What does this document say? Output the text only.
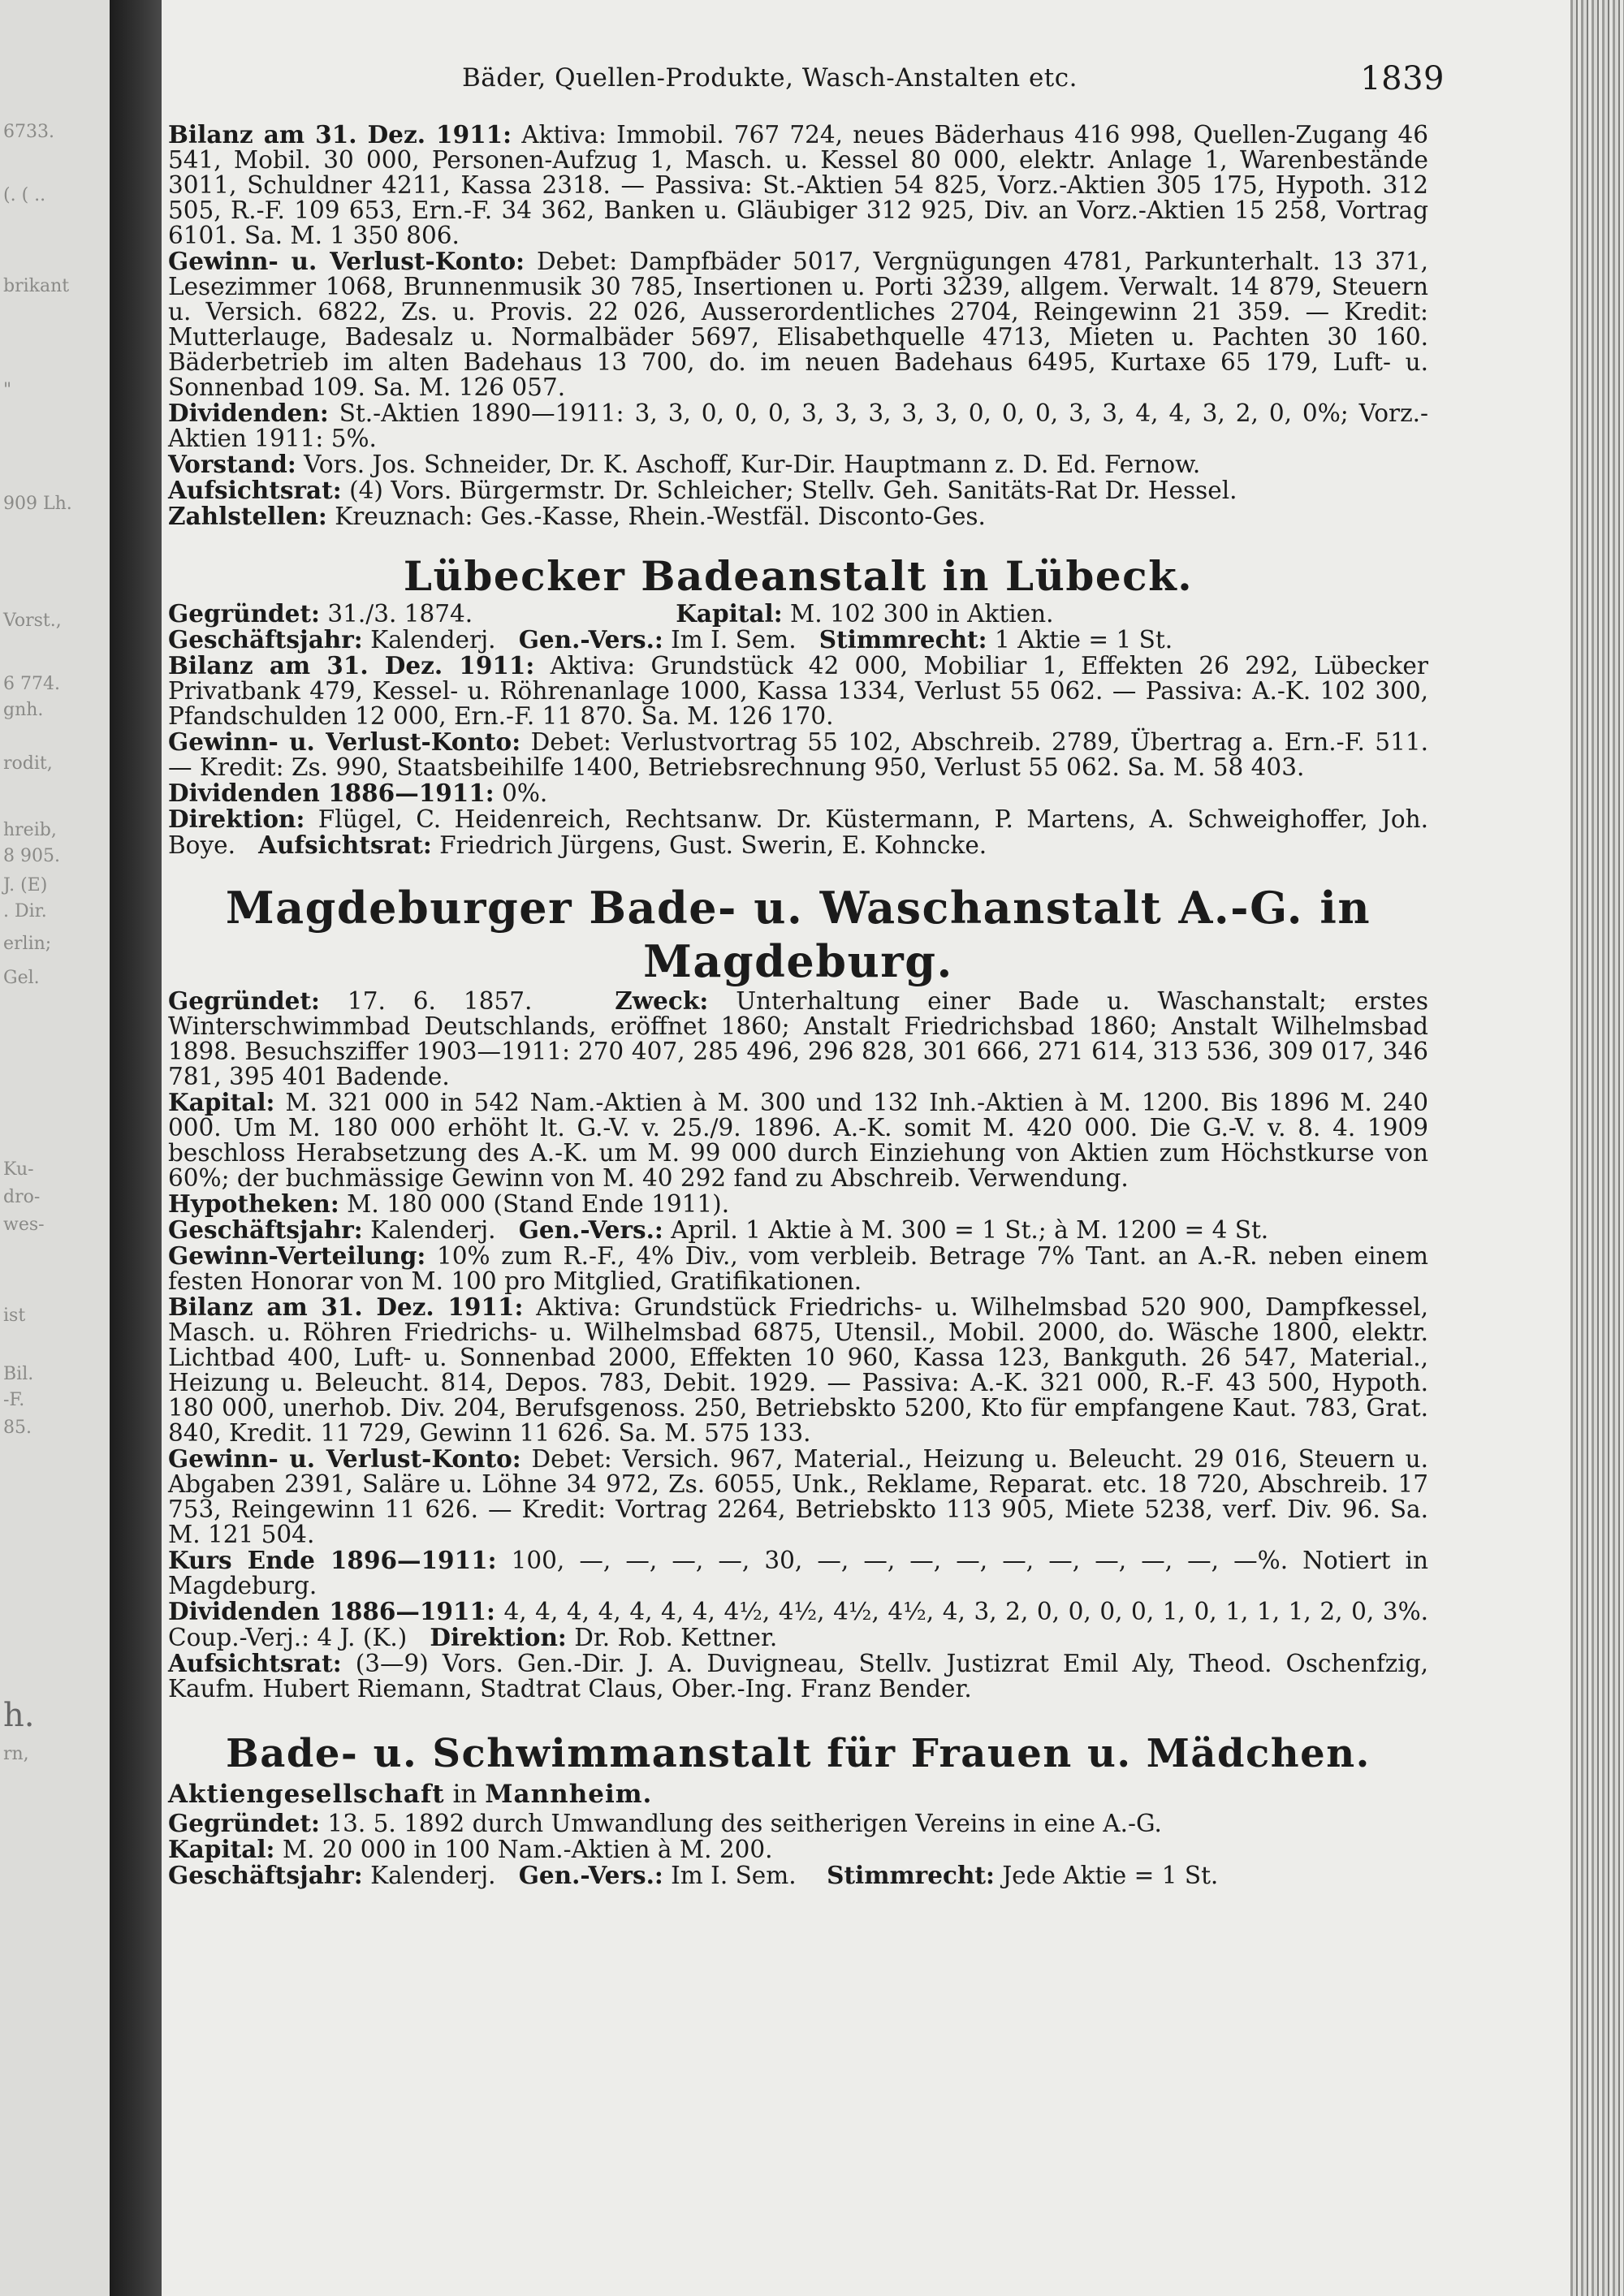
6733.
(. ( ..
brikant
"
909 Lh.
Vorst.,
6 774.
gnh.
rodit,
hreib,
8 905.
J. (E)
. Dir.
erlin;
Gel.
Ku-
dro-
wes-
ist
Bil.
-F.
85.
h.
rn,
Bäder, Quellen-Produkte, Wasch-Anstalten etc.	1839

Bilanz am 31. Dez. 1911: Aktiva: Immobil. 767 724, neues Bäderhaus 416 998, Quellen-Zugang 46 541, Mobil. 30 000, Personen-Aufzug 1, Masch. u. Kessel 80 000, elektr. Anlage 1, Warenbestände 3011, Schuldner 4211, Kassa 2318. — Passiva: St.-Aktien 54 825, Vorz.-Aktien 305 175, Hypoth. 312 505, R.-F. 109 653, Ern.-F. 34 362, Banken u. Gläubiger 312 925, Div. an Vorz.-Aktien 15 258, Vortrag 6101. Sa. M. 1 350 806.

Gewinn- u. Verlust-Konto: Debet: Dampfbäder 5017, Vergnügungen 4781, Parkunterhalt. 13 371, Lesezimmer 1068, Brunnenmusik 30 785, Insertionen u. Porti 3239, allgem. Verwalt. 14 879, Steuern u. Versich. 6822, Zs. u. Provis. 22 026, Ausserordentliches 2704, Reingewinn 21 359. — Kredit: Mutterlauge, Badesalz u. Normalbäder 5697, Elisabethquelle 4713, Mieten u. Pachten 30 160. Bäderbetrieb im alten Badehaus 13 700, do. im neuen Badehaus 6495, Kurtaxe 65 179, Luft- u. Sonnenbad 109. Sa. M. 126 057.

Dividenden: St.-Aktien 1890—1911: 3, 3, 0, 0, 0, 3, 3, 3, 3, 3, 0, 0, 0, 3, 3, 4, 4, 3, 2, 0, 0%; Vorz.-Aktien 1911: 5%.

Vorstand: Vors. Jos. Schneider, Dr. K. Aschoff, Kur-Dir. Hauptmann z. D. Ed. Fernow.

Aufsichtsrat: (4) Vors. Bürgermstr. Dr. Schleicher; Stellv. Geh. Sanitäts-Rat Dr. Hessel.

Zahlstellen: Kreuznach: Ges.-Kasse, Rhein.-Westfäl. Disconto-Ges.

Lübecker Badeanstalt in Lübeck.

Gegründet: 31./3. 1874.	Kapital: M. 102 300 in Aktien.

Geschäftsjahr: Kalenderj. Gen.-Vers.: Im I. Sem. Stimmrecht: 1 Aktie = 1 St.

Bilanz am 31. Dez. 1911: Aktiva: Grundstück 42 000, Mobiliar 1, Effekten 26 292, Lübecker Privatbank 479, Kessel- u. Röhrenanlage 1000, Kassa 1334, Verlust 55 062. — Passiva: A.-K. 102 300, Pfandschulden 12 000, Ern.-F. 11 870. Sa. M. 126 170.

Gewinn- u. Verlust-Konto: Debet: Verlustvortrag 55 102, Abschreib. 2789, Übertrag a. Ern.-F. 511. — Kredit: Zs. 990, Staatsbeihilfe 1400, Betriebsrechnung 950, Verlust 55 062. Sa. M. 58 403.

Dividenden 1886—1911: 0%.

Direktion: Flügel, C. Heidenreich, Rechtsanw. Dr. Küstermann, P. Martens, A. Schweighoffer, Joh. Boye. Aufsichtsrat: Friedrich Jürgens, Gust. Swerin, E. Kohncke.

Magdeburger Bade- u. Waschanstalt A.-G. in Magdeburg.

Gegründet: 17. 6. 1857.	Zweck: Unterhaltung einer Bade u. Waschanstalt; erstes Winterschwimmbad Deutschlands, eröffnet 1860; Anstalt Friedrichsbad 1860; Anstalt Wilhelmsbad 1898. Besuchsziffer 1903—1911: 270 407, 285 496, 296 828, 301 666, 271 614, 313 536, 309 017, 346 781, 395 401 Badende.

Kapital: M. 321 000 in 542 Nam.-Aktien à M. 300 und 132 Inh.-Aktien à M. 1200. Bis 1896 M. 240 000. Um M. 180 000 erhöht lt. G.-V. v. 25./9. 1896. A.-K. somit M. 420 000. Die G.-V. v. 8. 4. 1909 beschloss Herabsetzung des A.-K. um M. 99 000 durch Einziehung von Aktien zum Höchstkurse von 60%; der buchmässige Gewinn von M. 40 292 fand zu Abschreib. Verwendung.

Hypotheken: M. 180 000 (Stand Ende 1911).

Geschäftsjahr: Kalenderj. Gen.-Vers.: April. 1 Aktie à M. 300 = 1 St.; à M. 1200 = 4 St.

Gewinn-Verteilung: 10% zum R.-F., 4% Div., vom verbleib. Betrage 7% Tant. an A.-R. neben einem festen Honorar von M. 100 pro Mitglied, Gratifikationen.

Bilanz am 31. Dez. 1911: Aktiva: Grundstück Friedrichs- u. Wilhelmsbad 520 900, Dampfkessel, Masch. u. Röhren Friedrichs- u. Wilhelmsbad 6875, Utensil., Mobil. 2000, do. Wäsche 1800, elektr. Lichtbad 400, Luft- u. Sonnenbad 2000, Effekten 10 960, Kassa 123, Bankguth. 26 547, Material., Heizung u. Beleucht. 814, Depos. 783, Debit. 1929. — Passiva: A.-K. 321 000, R.-F. 43 500, Hypoth. 180 000, unerhob. Div. 204, Berufsgenoss. 250, Betriebskto 5200, Kto für empfangene Kaut. 783, Grat. 840, Kredit. 11 729, Gewinn 11 626. Sa. M. 575 133.

Gewinn- u. Verlust-Konto: Debet: Versich. 967, Material., Heizung u. Beleucht. 29 016, Steuern u. Abgaben 2391, Saläre u. Löhne 34 972, Zs. 6055, Unk., Reklame, Reparat. etc. 18 720, Abschreib. 17 753, Reingewinn 11 626. — Kredit: Vortrag 2264, Betriebskto 113 905, Miete 5238, verf. Div. 96. Sa. M. 121 504.

Kurs Ende 1896—1911: 100, —, —, —, —, 30, —, —, —, —, —, —, —, —, —, —%. Notiert in Magdeburg.

Dividenden 1886—1911: 4, 4, 4, 4, 4, 4, 4, 4½, 4½, 4½, 4½, 4, 3, 2, 0, 0, 0, 0, 1, 0, 1, 1, 1, 2, 0, 3%. Coup.-Verj.: 4 J. (K.) Direktion: Dr. Rob. Kettner.

Aufsichtsrat: (3—9) Vors. Gen.-Dir. J. A. Duvigneau, Stellv. Justizrat Emil Aly, Theod. Oschenfzig, Kaufm. Hubert Riemann, Stadtrat Claus, Ober.-Ing. Franz Bender.

Bade- u. Schwimmanstalt für Frauen u. Mädchen.

Aktiengesellschaft in Mannheim.

Gegründet: 13. 5. 1892 durch Umwandlung des seitherigen Vereins in eine A.-G.

Kapital: M. 20 000 in 100 Nam.-Aktien à M. 200.

Geschäftsjahr: Kalenderj. Gen.-Vers.: Im I. Sem. Stimmrecht: Jede Aktie = 1 St.
